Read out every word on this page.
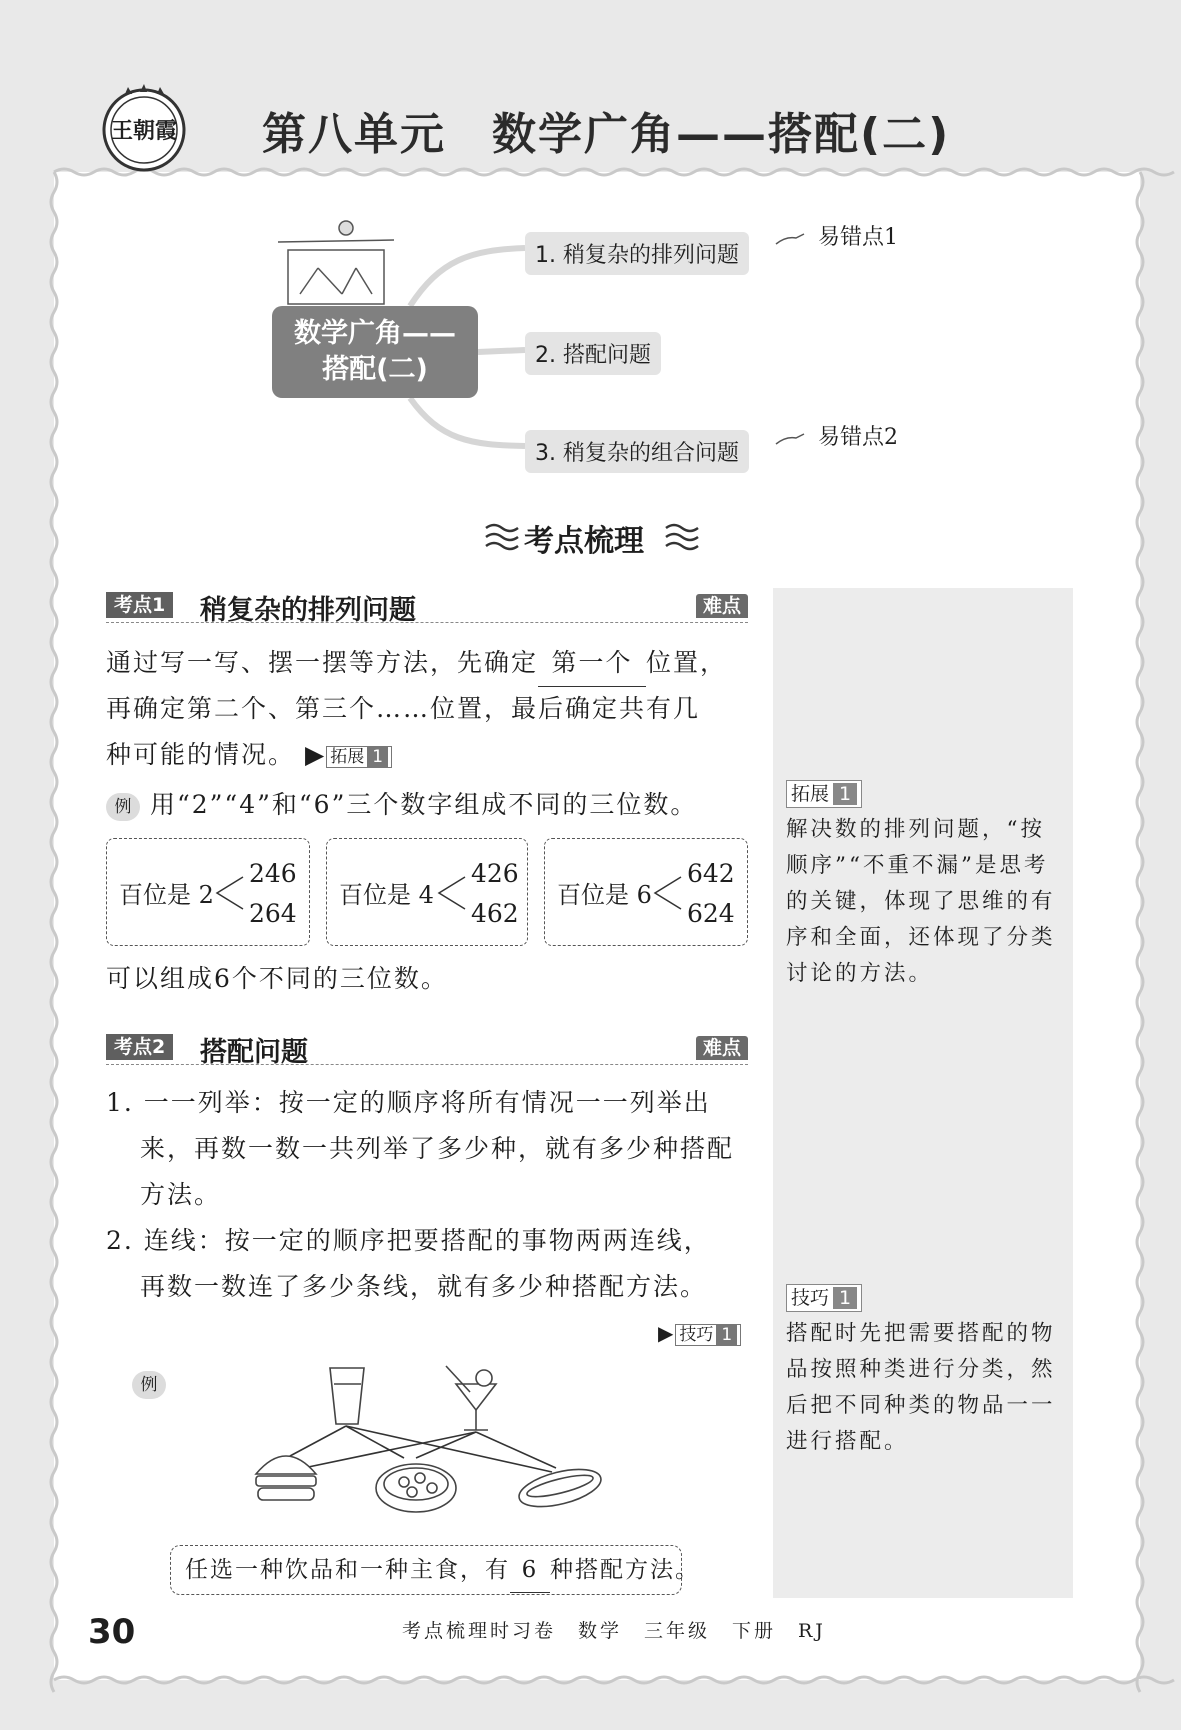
王朝霞 第八单元　数学广角——搭配(二)
数学广角——
搭配(二)
1. 稍复杂的排列问题
2. 搭配问题
3. 稍复杂的组合问题
易错点1
易错点2
考点梳理
拓展 1
解决数的排列问题，“按顺序”“不重不漏”是思考的关键，体现了思维的有序和全面，还体现了分类讨论的方法。
技巧 1
搭配时先把需要搭配的物品按照种类进行分类，然后把不同种类的物品一一进行搭配。
考点1 稍复杂的排列问题	难点
通过写一写、摆一摆等方法，先确定 第一个 位置，
再确定第二个、第三个……位置，最后确定共有几
种可能的情况。 ▶ 拓展 1
例 用“2”“4”和“6”三个数字组成不同的三位数。
百位是 2
246
264
百位是 4
426
462
百位是 6
642
624
可以组成6个不同的三位数。
考点2 搭配问题	难点
1. 一一列举：按一定的顺序将所有情况一一列举出
来，再数一数一共列举了多少种，就有多少种搭配
方法。
2. 连线：按一定的顺序把要搭配的事物两两连线，
再数一数连了多少条线，就有多少种搭配方法。
▶ 技巧 1
例
任选一种饮品和一种主食，有 6 种搭配方法。
30	考点梳理时习卷　数学　三年级　下册　RJ
